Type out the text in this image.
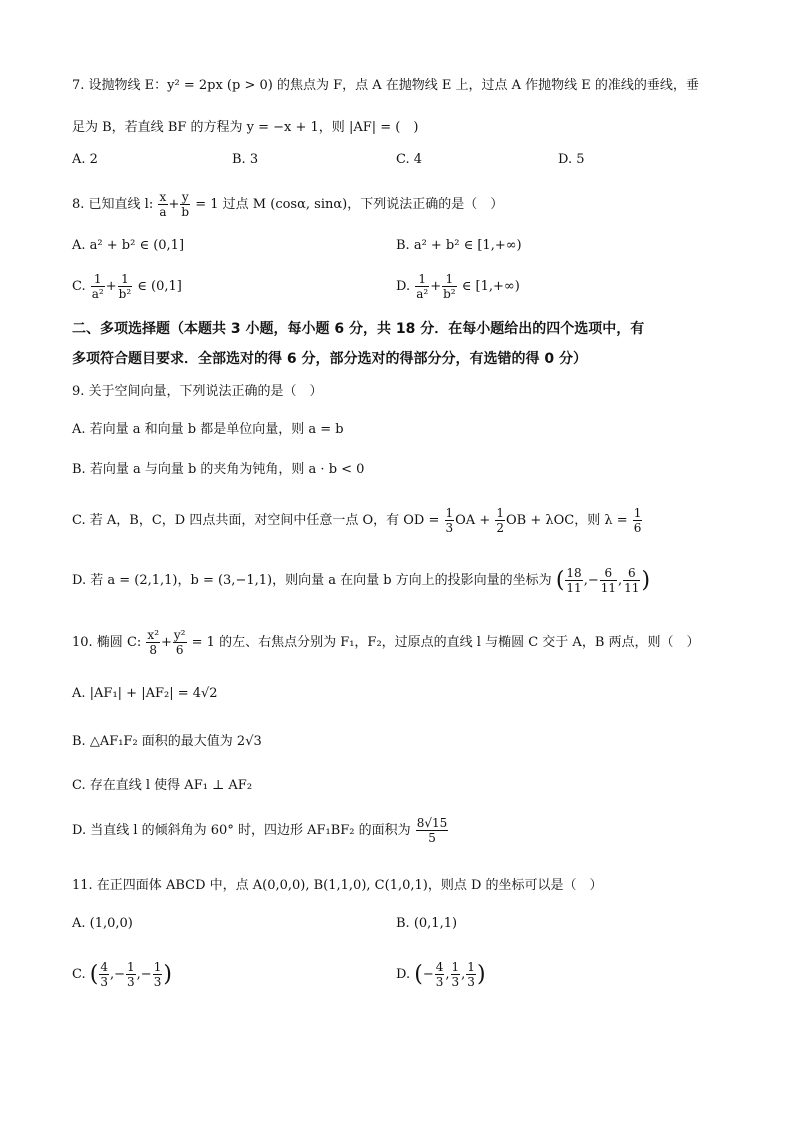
7. 设抛物线 E：y² = 2px (p > 0) 的焦点为 F，点 A 在抛物线 E 上，过点 A 作抛物线 E 的准线的垂线，垂
足为 B，若直线 BF 的方程为 y = −x + 1，则 |AF| = (　)
A. 2	B. 3	C. 4	D. 5
8. 已知直线 l: $\frac{x}{a} + \frac{y}{b} = 1$ 过点 M (cosα, sinα)，下列说法正确的是（　）
A. a² + b² ∈ (0,1]	B. a² + b² ∈ [1,+∞)
C. $\frac{1}{\text{a²}} + \frac{1}{\text{b²}}$ ∈ (0,1]	D. $\frac{1}{\text{a²}} + \frac{1}{\text{b²}}$ ∈ [1,+∞)
二、多项选择题（本题共 3 小题，每小题 6 分，共 18 分．在每小题给出的四个选项中，有
多项符合题目要求．全部选对的得 6 分，部分选对的得部分分，有选错的得 0 分）
9. 关于空间向量，下列说法正确的是（　）
A. 若向量 a 和向量 b 都是单位向量，则 a = b
B. 若向量 a 与向量 b 的夹角为钝角，则 a · b < 0
C. 若 A，B，C，D 四点共面，对空间中任意一点 O，有 OD = $\frac{1}{3}$ OA + $\frac{1}{2}$ OB + λOC，则 $\lambda = \frac{1}{6}$
D. 若 a = (2,1,1)，b = (3,−1,1)，则向量 a 在向量 b 方向上的投影向量的坐标为 ( $\frac{18}{11}$ ,− $\frac{6}{11}$ , $\frac{6}{11}$ )
10. 椭圆 C: $\frac{\text{x²}}{8} + \frac{\text{y²}}{6} = 1$ 的左、右焦点分别为 F₁，F₂，过原点的直线 l 与椭圆 C 交于 A，B 两点，则（　）
A. |AF₁| + |AF₂| = 4√2
B. △AF₁F₂ 面积的最大值为 2√3
C. 存在直线 l 使得 AF₁ ⊥ AF₂
D. 当直线 l 的倾斜角为 60° 时，四边形 AF₁BF₂ 的面积为 $\frac{8√15}{5}$
11. 在正四面体 ABCD 中，点 A(0,0,0), B(1,1,0), C(1,0,1)，则点 D 的坐标可以是（　）
A. (1,0,0)	B. (0,1,1)
C. ( $\frac{4}{3}$ ,− $\frac{1}{3}$ ,− $\frac{1}{3}$ )	D. (− $\frac{4}{3}$ , $\frac{1}{3}$ , $\frac{1}{3}$ )
